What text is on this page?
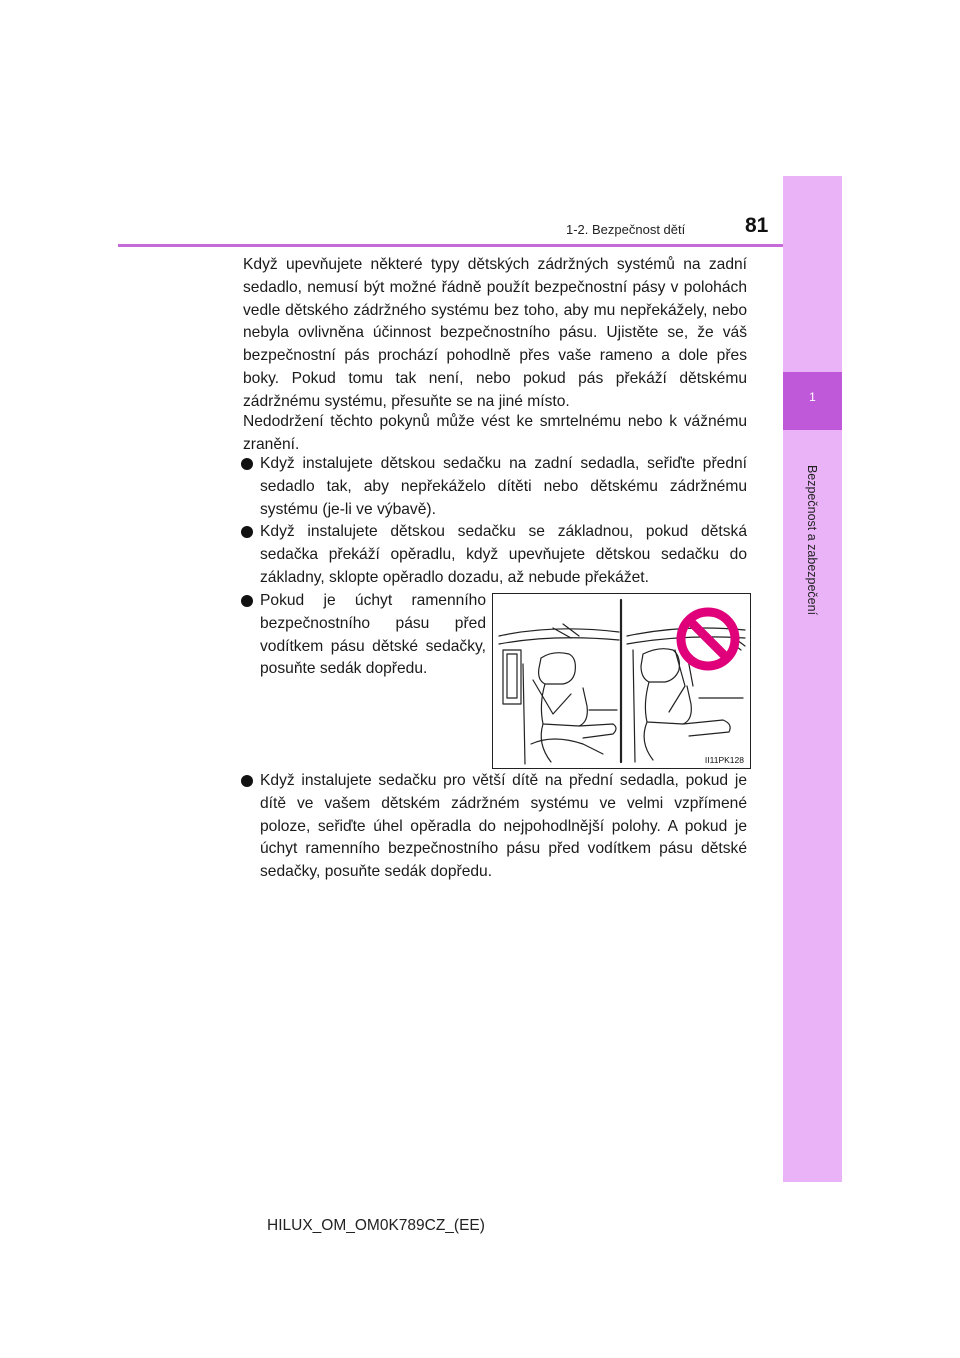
1
Bezpečnost a zabezpečení
1-2. Bezpečnost dětí	81
Když upevňujete některé typy dětských zádržných systémů na zadní sedadlo, nemusí být možné řádně použít bezpečnostní pásy v polohách vedle dětského zádržného systému bez toho, aby mu nepřekážely, nebo nebyla ovlivněna účinnost bezpečnostního pásu. Ujistěte se, že váš bezpečnostní pás prochází pohodlně přes vaše rameno a dole přes boky. Pokud tomu tak není, nebo pokud pás překáží dětskému zádržnému systému, přesuňte se na jiné místo.
Nedodržení těchto pokynů může vést ke smrtelnému nebo k vážnému zranění.
Když instalujete dětskou sedačku na zadní sedadla, seřiďte přední sedadlo tak, aby nepřekáželo dítěti nebo dětskému zádržnému systému (je-li ve výbavě).
Když instalujete dětskou sedačku se základnou, pokud dětská sedačka překáží opěradlu, když upevňujete dětskou sedačku do základny, sklopte opěradlo dozadu, až nebude překážet.
Pokud je úchyt ramenního bezpečnostního pásu před vodítkem pásu dětské sedačky, posuňte sedák dopředu.
II11PK128
Když instalujete sedačku pro větší dítě na přední sedadla, pokud je dítě ve vašem dětském zádržném systému ve velmi vzpřímené poloze, seřiďte úhel opěradla do nejpohodlnější polohy. A pokud je úchyt ramenního bezpečnostního pásu před vodítkem pásu dětské sedačky, posuňte sedák dopředu.
HILUX_OM_OM0K789CZ_(EE)
